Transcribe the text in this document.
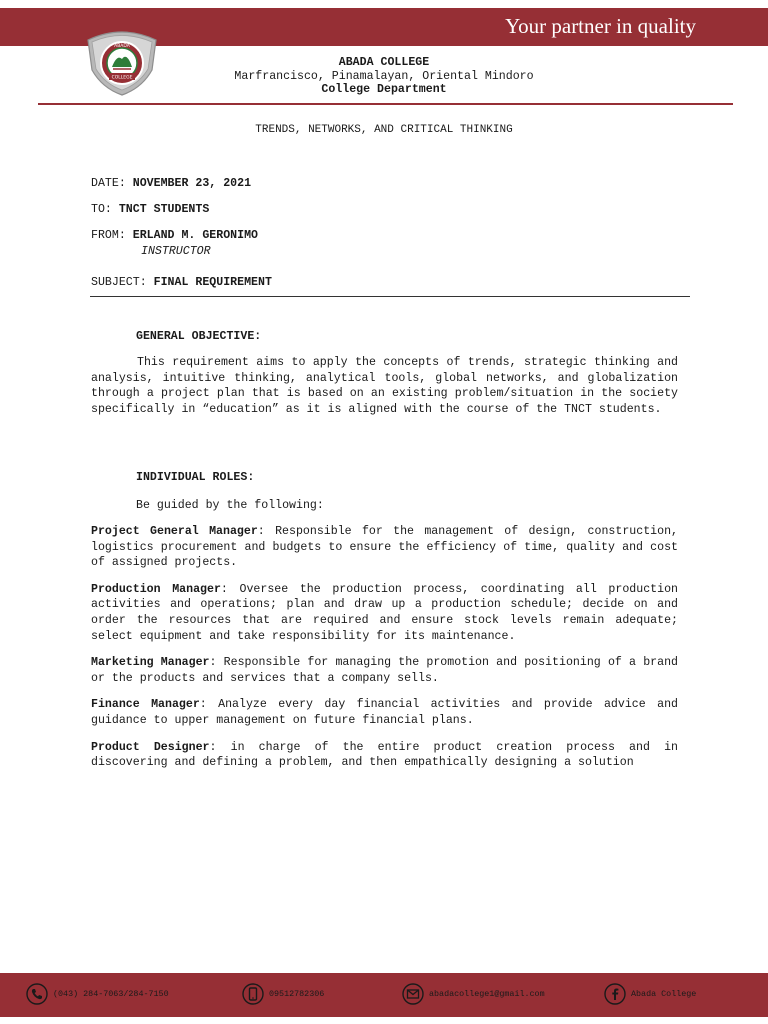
Your partner in quality
ABADA
COLLEGE
ABADA COLLEGE
Marfrancisco, Pinamalayan, Oriental Mindoro
College Department
TRENDS, NETWORKS, AND CRITICAL THINKING
DATE: NOVEMBER 23, 2021
TO: TNCT STUDENTS
FROM: ERLAND M. GERONIMO
INSTRUCTOR
SUBJECT: FINAL REQUIREMENT
GENERAL OBJECTIVE:
This requirement aims to apply the concepts of trends, strategic thinking and analysis, intuitive thinking, analytical tools, global networks, and globalization through a project plan that is based on an existing problem/situation in the society specifically in “education” as it is aligned with the course of the TNCT students.
INDIVIDUAL ROLES:
Be guided by the following:

Project General Manager: Responsible for the management of design, construction, logistics procurement and budgets to ensure the efficiency of time, quality and cost of assigned projects.

Production Manager: Oversee the production process, coordinating all production activities and operations; plan and draw up a production schedule; decide on and order the resources that are required and ensure stock levels remain adequate; select equipment and take responsibility for its maintenance.

Marketing Manager: Responsible for managing the promotion and positioning of a brand or the products and services that a company sells.

Finance Manager: Analyze every day financial activities and provide advice and guidance to upper management on future financial plans.

Product Designer: in charge of the entire product creation process and in discovering and defining a problem, and then empathically designing a solution

(043) 284-7063/284-7150	09512782306	abadacollege1@gmail.com	Abada College
